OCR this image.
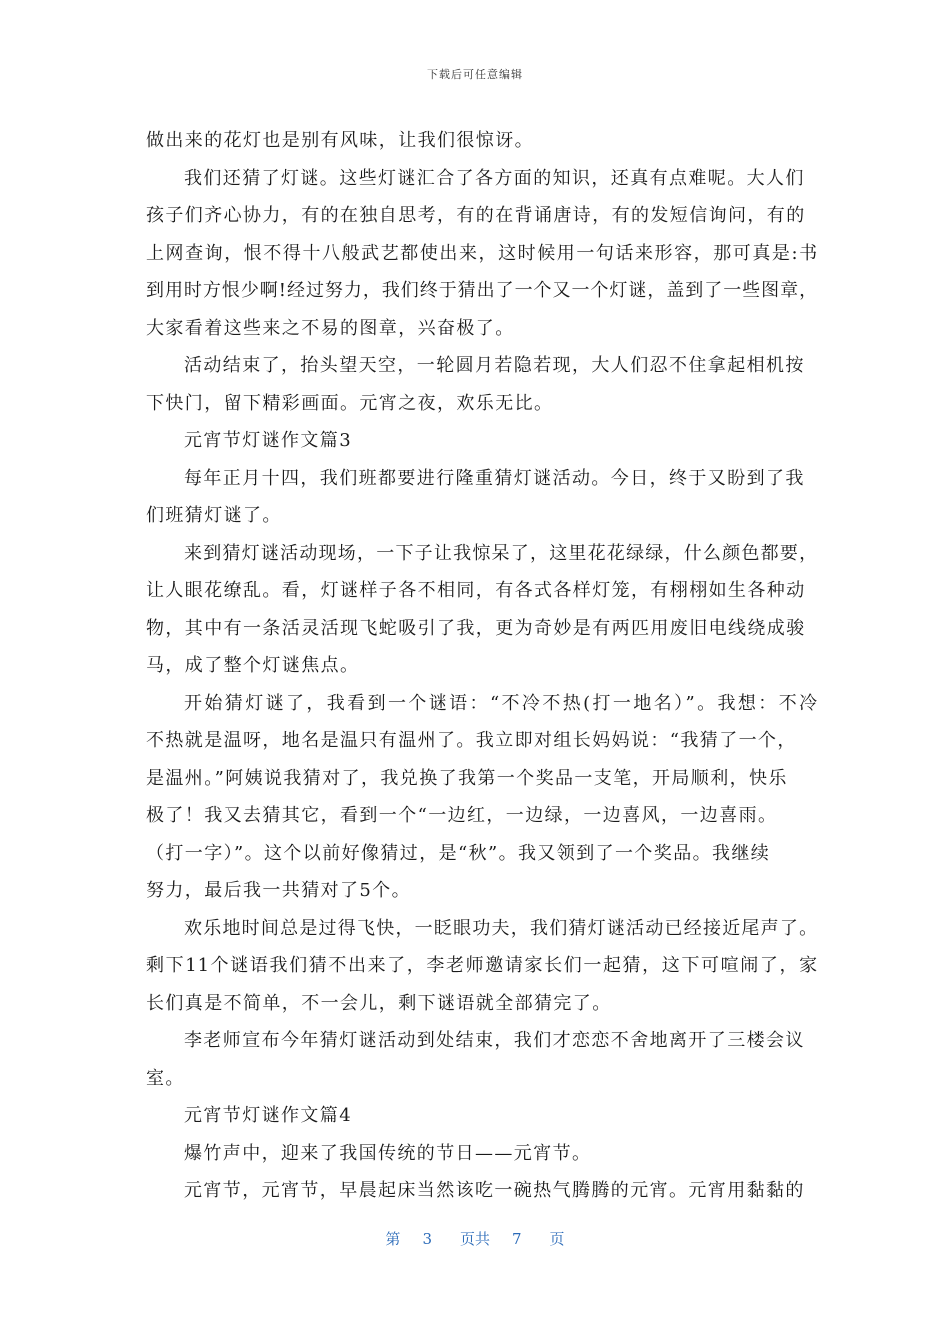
下载后可任意编辑
做出来的花灯也是别有风味，让我们很惊讶。
我们还猜了灯谜。这些灯谜汇合了各方面的知识，还真有点难呢。大人们
孩子们齐心协力，有的在独自思考，有的在背诵唐诗，有的发短信询问，有的
上网查询，恨不得十八般武艺都使出来，这时候用一句话来形容，那可真是:书
到用时方恨少啊!经过努力，我们终于猜出了一个又一个灯谜，盖到了一些图章，
大家看着这些来之不易的图章，兴奋极了。
活动结束了，抬头望天空，一轮圆月若隐若现，大人们忍不住拿起相机按
下快门，留下精彩画面。元宵之夜，欢乐无比。
元宵节灯谜作文篇3
每年正月十四，我们班都要进行隆重猜灯谜活动。今日，终于又盼到了我
们班猜灯谜了。
来到猜灯谜活动现场，一下子让我惊呆了，这里花花绿绿，什么颜色都要，
让人眼花缭乱。看，灯谜样子各不相同，有各式各样灯笼，有栩栩如生各种动
物，其中有一条活灵活现飞蛇吸引了我，更为奇妙是有两匹用废旧电线绕成骏
马，成了整个灯谜焦点。
开始猜灯谜了，我看到一个谜语：“不冷不热(打一地名）”。我想：不冷
不热就是温呀，地名是温只有温州了。我立即对组长妈妈说：“我猜了一个，
是温州。”阿姨说我猜对了，我兑换了我第一个奖品一支笔，开局顺利，快乐
极了！我又去猜其它，看到一个“一边红，一边绿，一边喜风，一边喜雨。
（打一字）”。这个以前好像猜过，是“秋”。我又领到了一个奖品。我继续
努力，最后我一共猜对了5个。
欢乐地时间总是过得飞快，一眨眼功夫，我们猜灯谜活动已经接近尾声了。
剩下11个谜语我们猜不出来了，李老师邀请家长们一起猜，这下可喧闹了，家
长们真是不简单，不一会儿，剩下谜语就全部猜完了。
李老师宣布今年猜灯谜活动到处结束，我们才恋恋不舍地离开了三楼会议
室。
元宵节灯谜作文篇4
爆竹声中，迎来了我国传统的节日——元宵节。
元宵节，元宵节，早晨起床当然该吃一碗热气腾腾的元宵。元宵用黏黏的
第 3 页共 7 页
